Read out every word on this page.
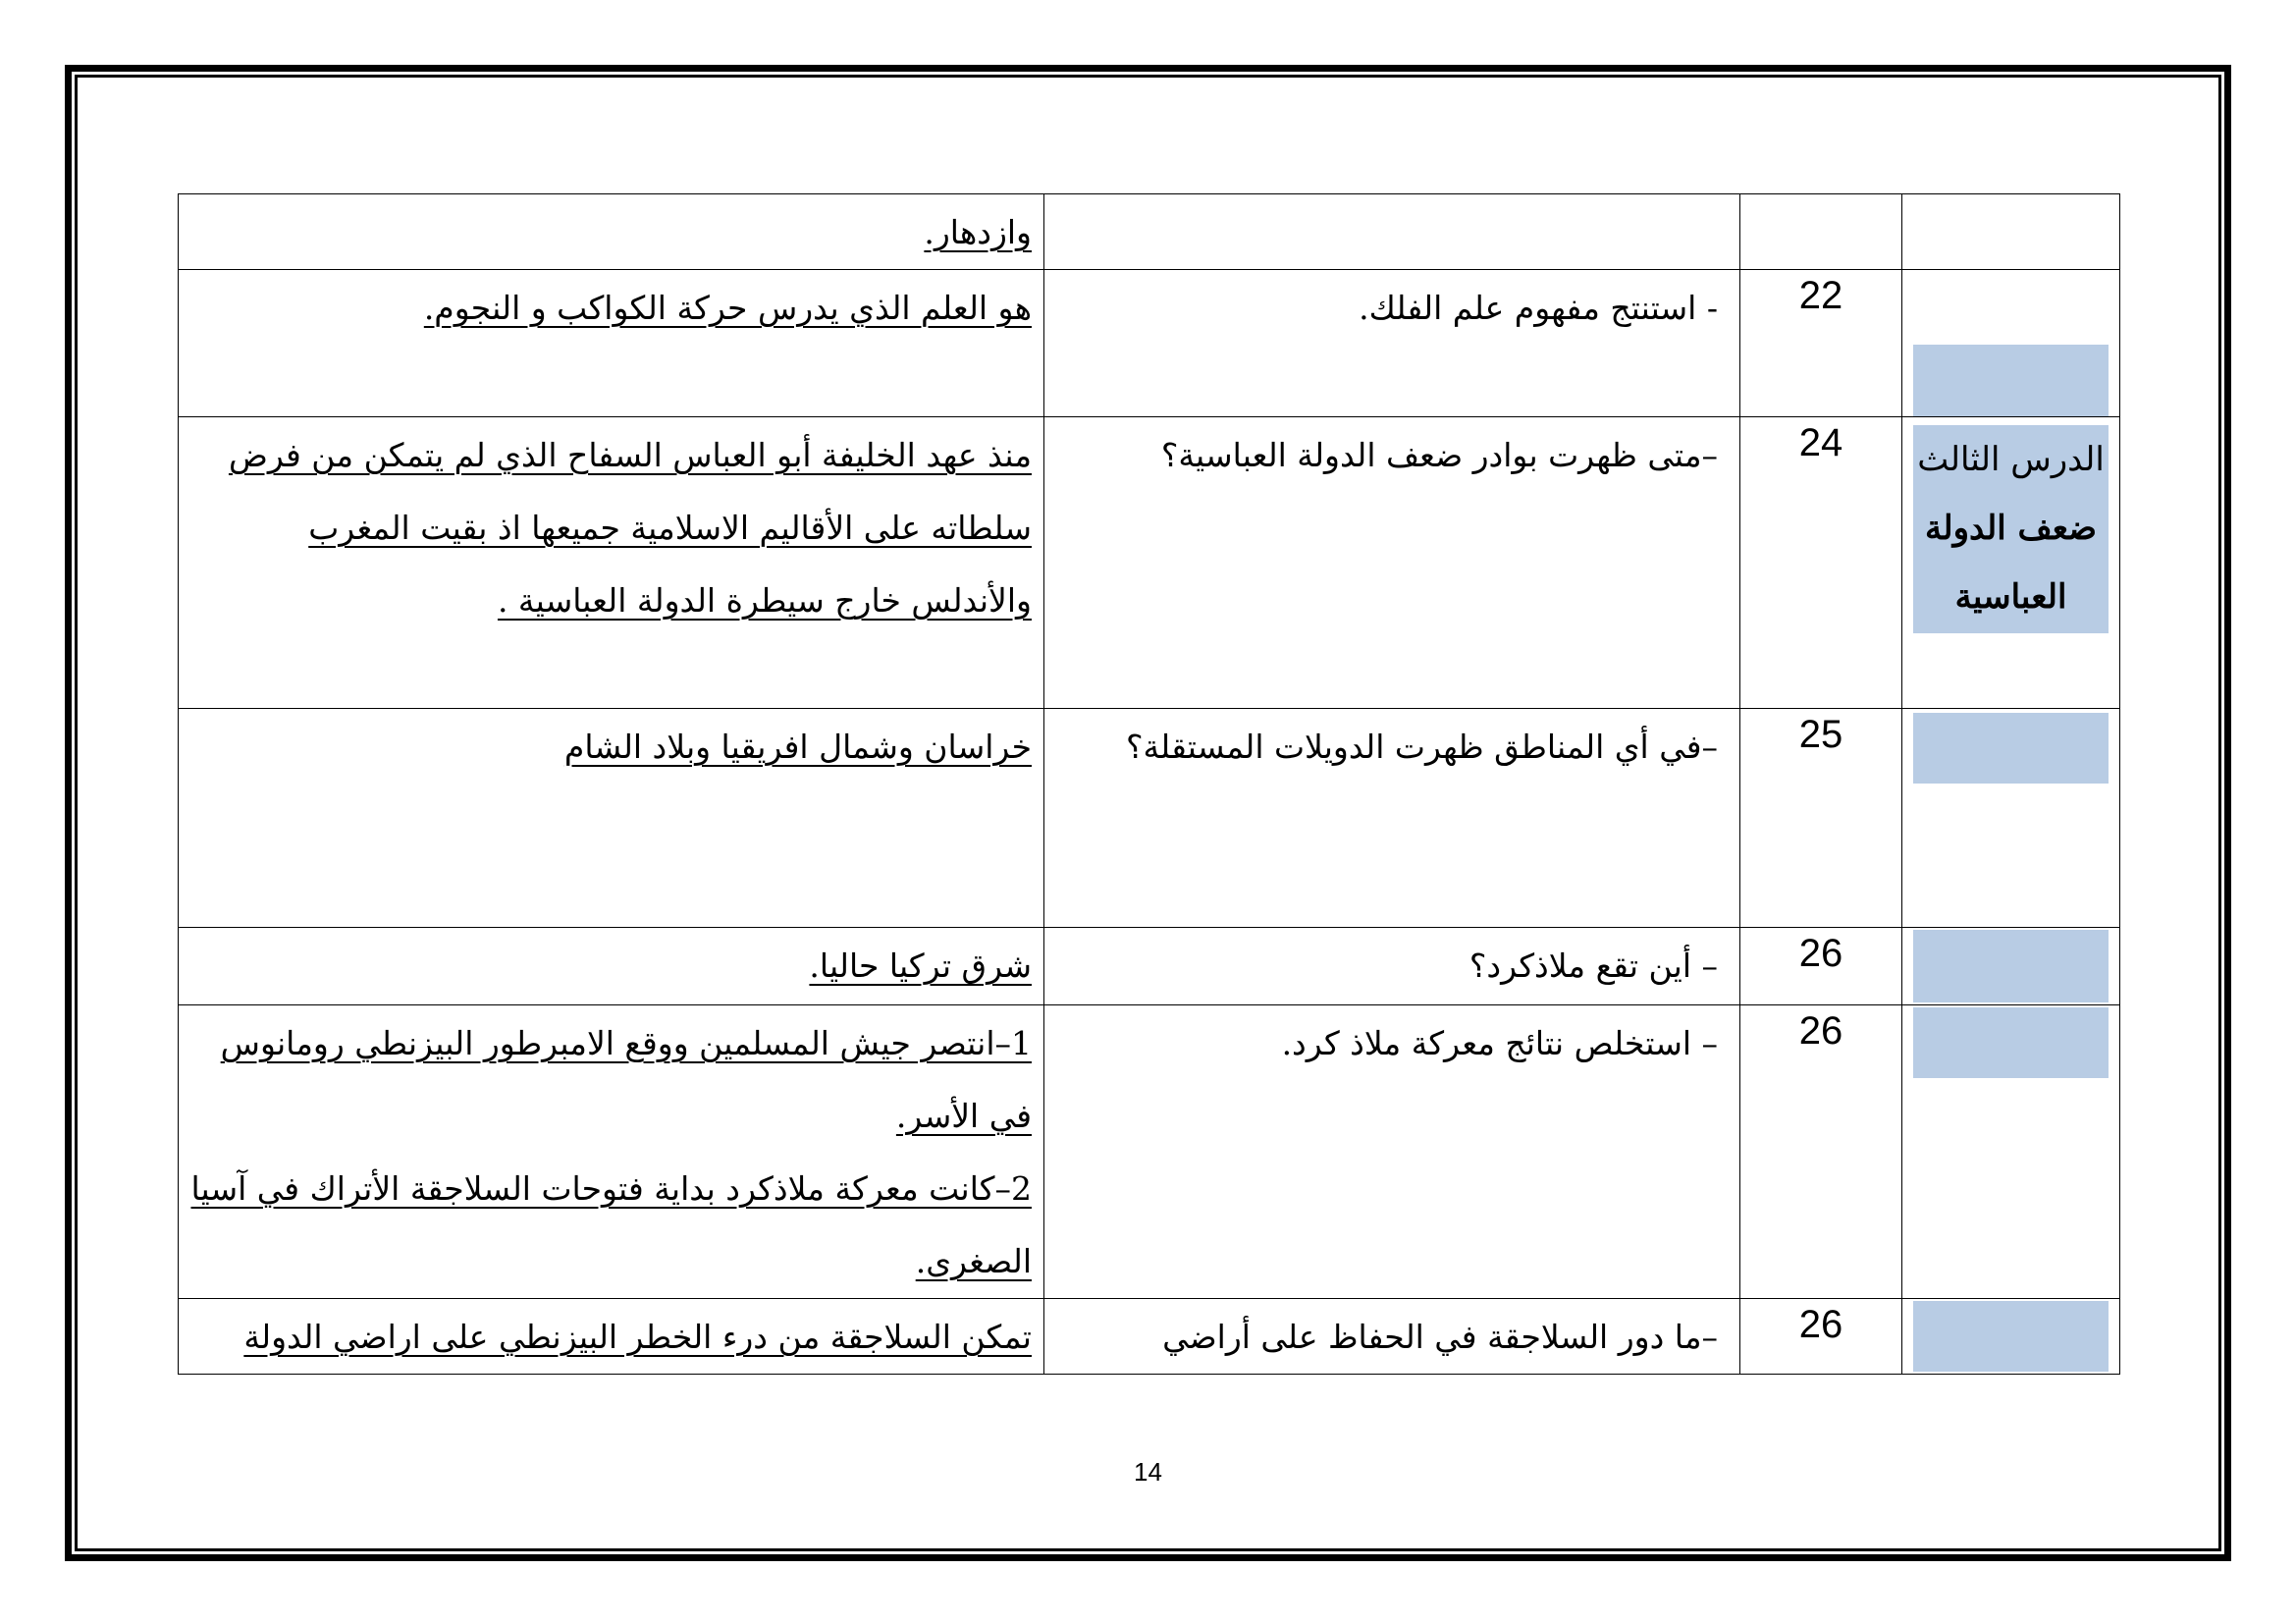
			وازدهار.

	22	- استنتج مفهوم علم الفلك.	هو العلم الذي يدرس حركة الكواكب و النجوم.

الدرس الثالث
ضعف الدولة
العباسية	24	–متى ظهرت بوادر ضعف الدولة العباسية؟	منذ عهد الخليفة أبو العباس السفاح الذي لم يتمكن من فرض سلطاته على الأقاليم الاسلامية جميعها اذ بقيت المغرب والأندلس خارج سيطرة الدولة العباسية .

	25	–في أي المناطق ظهرت الدويلات المستقلة؟	خراسان وشمال افريقيا وبلاد الشام

	26	– أين تقع ملاذكرد؟	شرق تركيا حاليا.

	26	– استخلص نتائج معركة ملاذ كرد.	1–انتصر جيش المسلمين ووقع الامبرطور البيزنطي رومانوس في الأسر.
2–كانت معركة ملاذكرد بداية فتوحات السلاجقة الأتراك في آسيا الصغرى.

	26	–ما دور السلاجقة في الحفاظ على أراضي	تمكن السلاجقة من درء الخطر البيزنطي على اراضي الدولة
14
